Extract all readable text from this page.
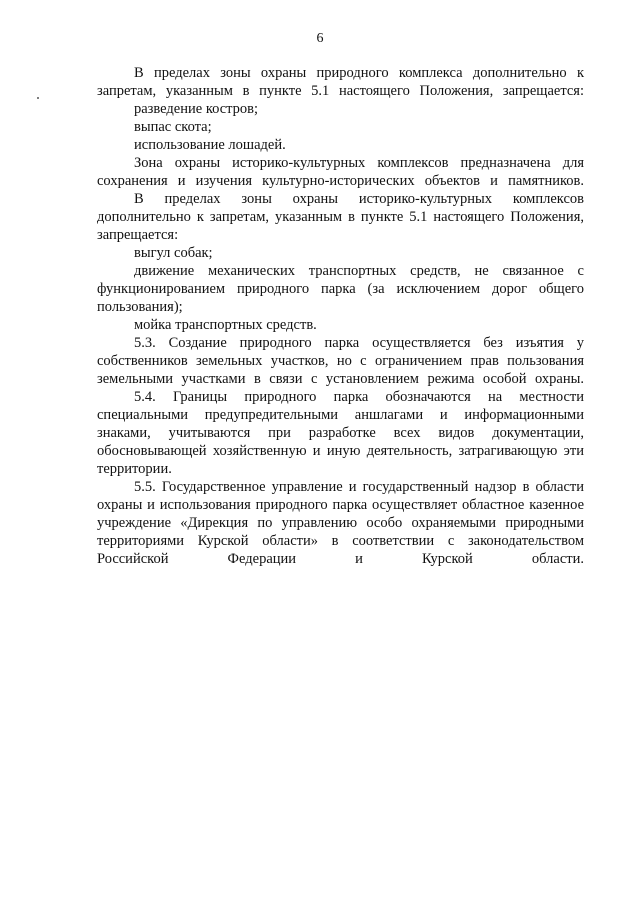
6

В пределах зоны охраны природного комплекса дополнительно к запретам, указанным в пункте 5.1 настоящего Положения, запрещается:

разведение костров;

выпас скота;

использование лошадей.

Зона охраны историко-культурных комплексов предназначена для сохранения и изучения культурно-исторических объектов и памятников.

В пределах зоны охраны историко-культурных комплексов дополнительно к запретам, указанным в пункте 5.1 настоящего Положения, запрещается:

выгул собак;

движение механических транспортных средств, не связанное с функционированием природного парка (за исключением дорог общего пользования);

мойка транспортных средств.

5.3. Создание природного парка осуществляется без изъятия у собственников земельных участков, но с ограничением прав пользования земельными участками в связи с установлением режима особой охраны.

5.4. Границы природного парка обозначаются на местности специальными предупредительными аншлагами и информационными знаками, учитываются при разработке всех видов документации, обосновывающей хозяйственную и иную деятельность, затрагивающую эти территории.

5.5. Государственное управление и государственный надзор в области охраны и использования природного парка осуществляет областное казенное учреждение «Дирекция по управлению особо охраняемыми природными территориями Курской области» в соответствии с законодательством Российской Федерации и Курской области.
